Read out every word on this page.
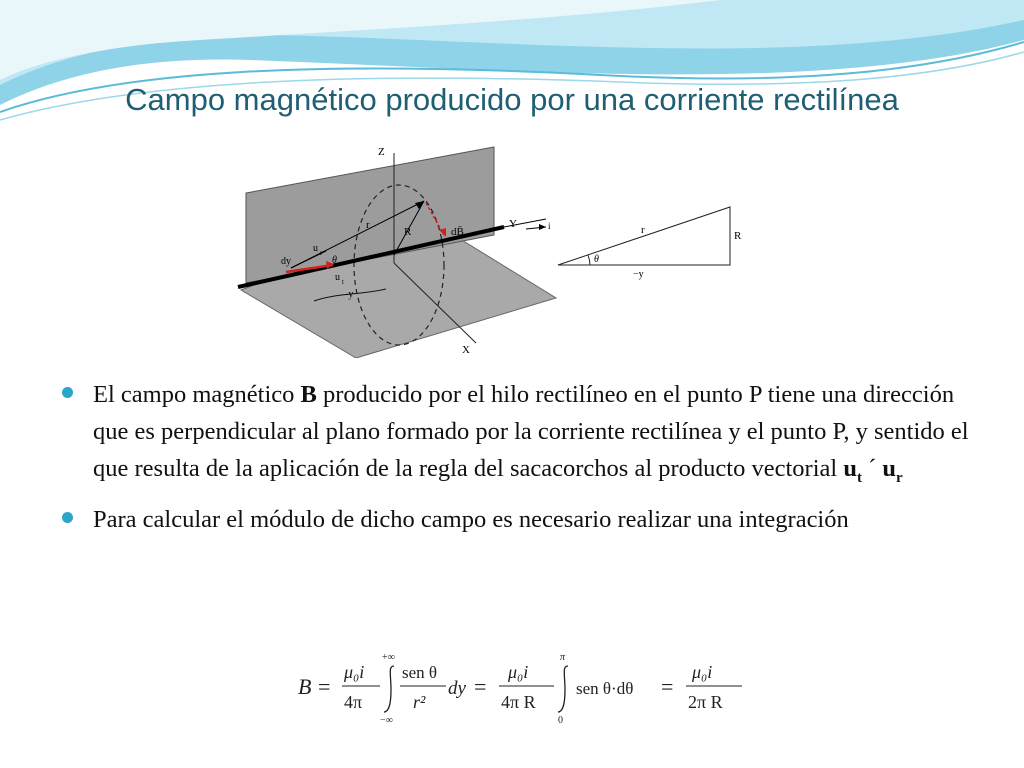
Campo magnético producido por una corriente rectilínea
Z
X
Y	i
r
R	dB̄
u r
u t
θ
dy
-y
θ
r	R
−y

El campo magnético B producido por el hilo rectilíneo en el punto P tiene una dirección que es perpendicular al plano formado por la corriente rectilínea y el punto P, y sentido el que resulta de la aplicación de la regla del sacacorchos al producto vectorial $u_t$ ´ $u_r$

Para calcular el módulo de dicho campo es necesario realizar una integración

B =
μ₀i
4π
+∞
−∞
sen θ
r²
dy =
μ₀i
4π R
π
0
sen θ·dθ =
μ₀i
2π R
